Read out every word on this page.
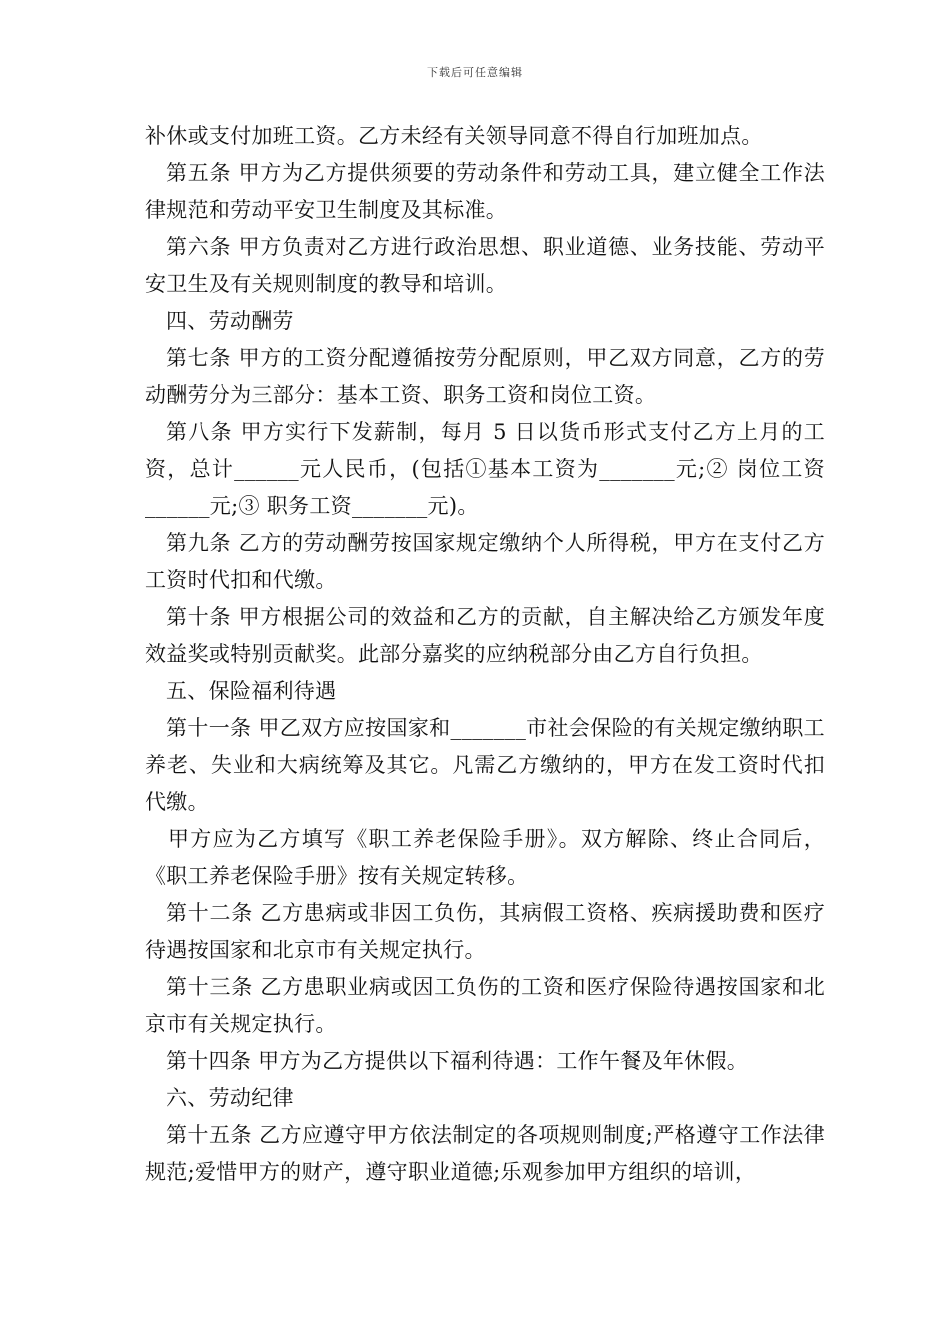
下载后可任意编辑

补休或支付加班工资。乙方未经有关领导同意不得自行加班加点。

第五条 甲方为乙方提供须要的劳动条件和劳动工具，建立健全工作法律规范和劳动平安卫生制度及其标准。

第六条 甲方负责对乙方进行政治思想、职业道德、业务技能、劳动平安卫生及有关规则制度的教导和培训。

四、劳动酬劳

第七条 甲方的工资分配遵循按劳分配原则，甲乙双方同意，乙方的劳动酬劳分为三部分：基本工资、职务工资和岗位工资。

第八条 甲方实行下发薪制，每月 5 日以货币形式支付乙方上月的工资，总计______元人民币，(包括①基本工资为_______元;② 岗位工资______元;③ 职务工资_______元)。

第九条 乙方的劳动酬劳按国家规定缴纳个人所得税，甲方在支付乙方工资时代扣和代缴。

第十条 甲方根据公司的效益和乙方的贡献，自主解决给乙方颁发年度效益奖或特别贡献奖。此部分嘉奖的应纳税部分由乙方自行负担。

五、保险福利待遇

第十一条 甲乙双方应按国家和_______市社会保险的有关规定缴纳职工养老、失业和大病统筹及其它。凡需乙方缴纳的，甲方在发工资时代扣代缴。

甲方应为乙方填写《职工养老保险手册》。双方解除、终止合同后，《职工养老保险手册》按有关规定转移。

第十二条 乙方患病或非因工负伤，其病假工资格、疾病援助费和医疗待遇按国家和北京市有关规定执行。

第十三条 乙方患职业病或因工负伤的工资和医疗保险待遇按国家和北京市有关规定执行。

第十四条 甲方为乙方提供以下福利待遇：工作午餐及年休假。

六、劳动纪律

第十五条 乙方应遵守甲方依法制定的各项规则制度;严格遵守工作法律规范;爱惜甲方的财产，遵守职业道德;乐观参加甲方组织的培训，
